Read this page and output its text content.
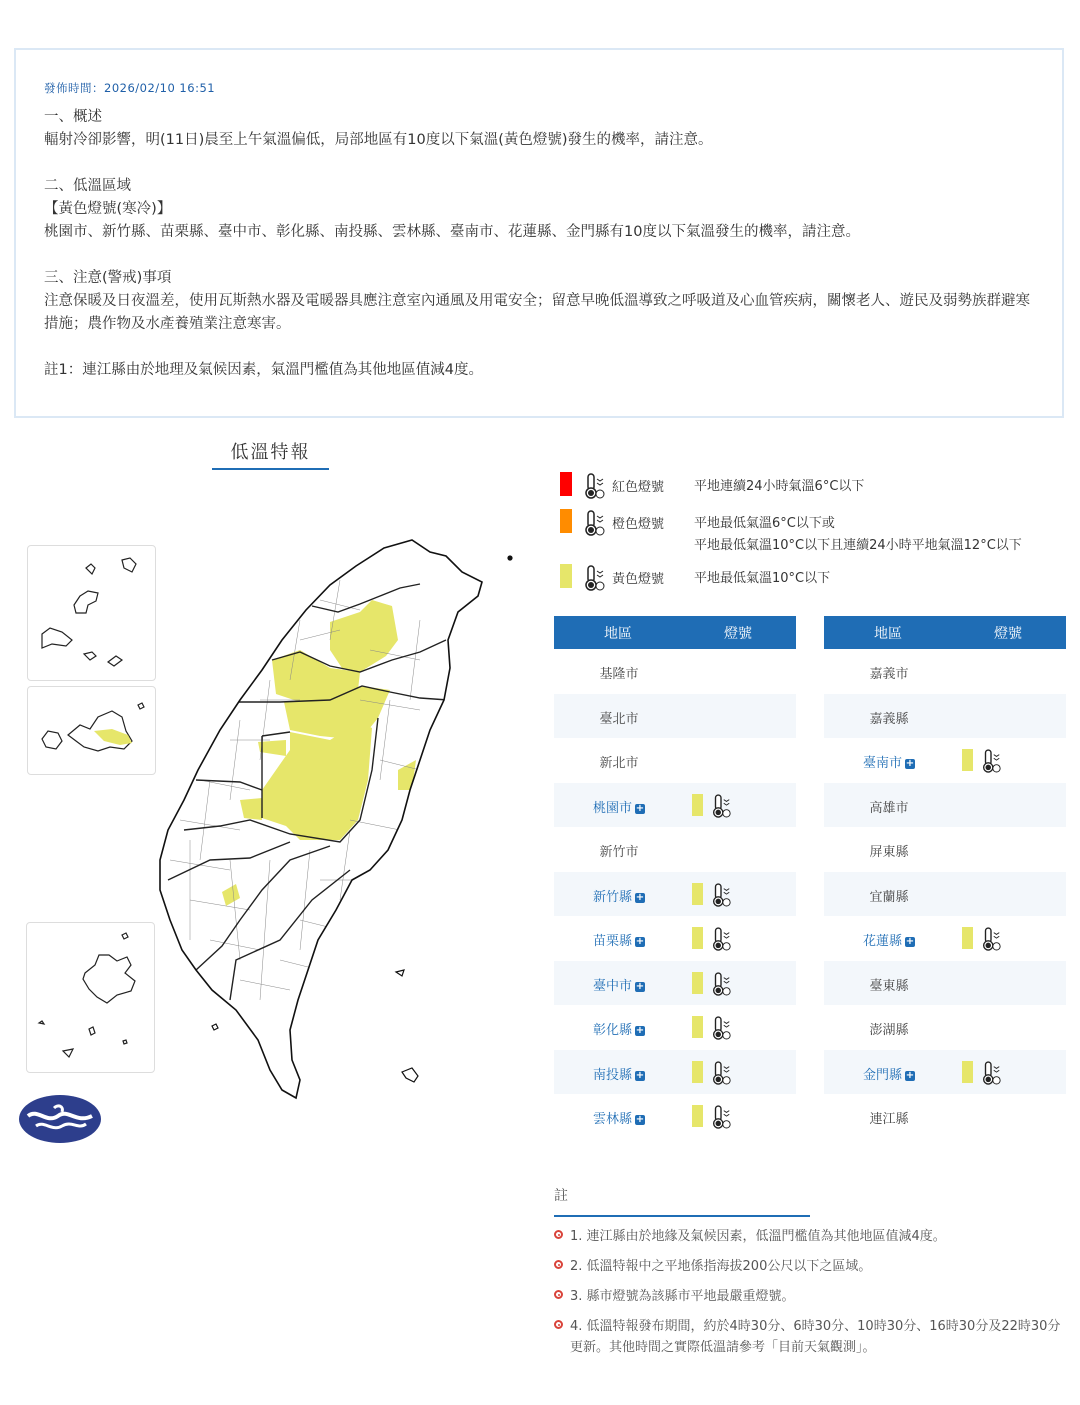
發佈時間：2026/02/10 16:51

一、概述

輻射冷卻影響，明(11日)晨至上午氣溫偏低，局部地區有10度以下氣溫(黃色燈號)發生的機率，請注意。

二、低溫區域

【黃色燈號(寒冷)】

桃園市、新竹縣、苗栗縣、臺中市、彰化縣、南投縣、雲林縣、臺南市、花蓮縣、金門縣有10度以下氣溫發生的機率，請注意。

三、注意(警戒)事項

注意保暖及日夜溫差，使用瓦斯熱水器及電暖器具應注意室內通風及用電安全；留意早晚低溫導致之呼吸道及心血管疾病，關懷老人、遊民及弱勢族群避寒措施；農作物及水產養殖業注意寒害。

註1：連江縣由於地理及氣候因素，氣溫門檻值為其他地區值減4度。

低溫特報
紅色燈號 平地連續24小時氣溫6°C以下
橙色燈號 平地最低氣溫6°C以下或
平地最低氣溫10°C以下且連續24小時平地氣溫12°C以下
黃色燈號 平地最低氣溫10°C以下
地區	燈號
基隆市
臺北市
新北市
桃園市 +
新竹市
新竹縣 +
苗栗縣 +
臺中市 +
彰化縣 +
南投縣 +
雲林縣 +
地區	燈號
嘉義市
嘉義縣
臺南市 +
高雄市
屏東縣
宜蘭縣
花蓮縣 +
臺東縣
澎湖縣
金門縣 +
連江縣
註
1. 連江縣由於地緣及氣候因素，低溫門檻值為其他地區值減4度。
2. 低溫特報中之平地係指海拔200公尺以下之區域。
3. 縣市燈號為該縣市平地最嚴重燈號。
4. 低溫特報發布期間，約於4時30分、6時30分、10時30分、16時30分及22時30分更新。其他時間之實際低溫請參考「目前天氣觀測」。
